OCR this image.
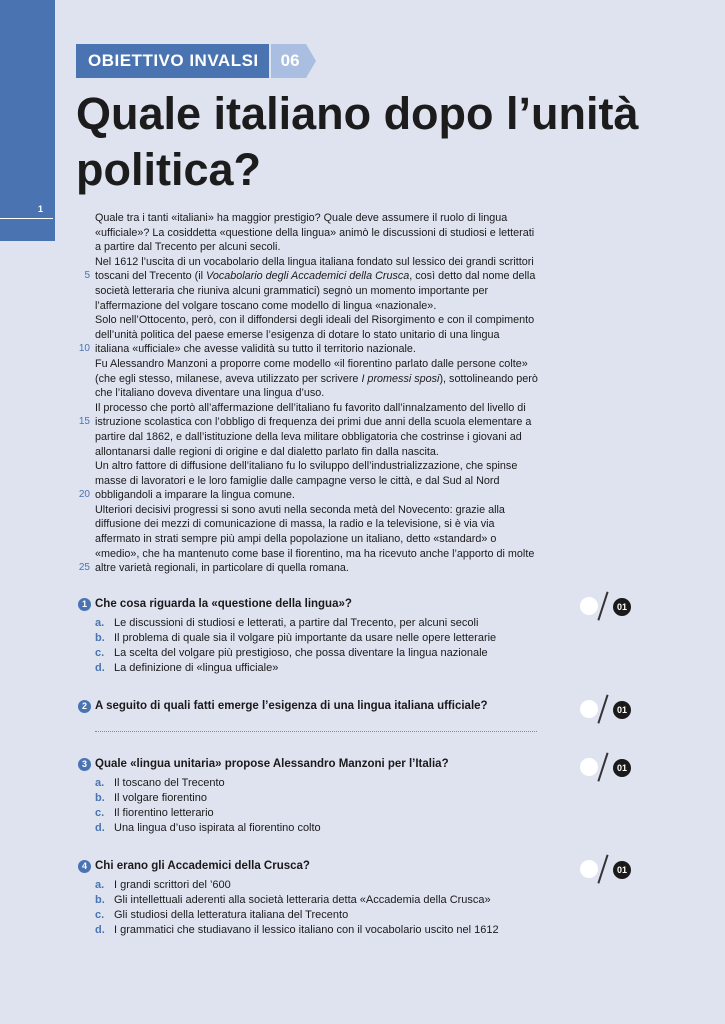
1
OBIETTIVO INVALSI	06
Quale italiano dopo l’unità politica?
Quale tra i tanti «italiani» ha maggior prestigio? Quale deve assumere il ruolo di lingua
«ufficiale»? La cosiddetta «questione della lingua» animò le discussioni di studiosi e letterati
a partire dal Trecento per alcuni secoli.
Nel 1612 l’uscita di un vocabolario della lingua italiana fondato sul lessico dei grandi scrittori
5 toscani del Trecento (il Vocabolario degli Accademici della Crusca, così detto dal nome della
società letteraria che riuniva alcuni grammatici) segnò un momento importante per
l’affermazione del volgare toscano come modello di lingua «nazionale».
Solo nell’Ottocento, però, con il diffondersi degli ideali del Risorgimento e con il compimento
dell’unità politica del paese emerse l’esigenza di dotare lo stato unitario di una lingua
10 italiana «ufficiale» che avesse validità su tutto il territorio nazionale.
Fu Alessandro Manzoni a proporre come modello «il fiorentino parlato dalle persone colte»
(che egli stesso, milanese, aveva utilizzato per scrivere I promessi sposi), sottolineando però
che l’italiano doveva diventare una lingua d’uso.
Il processo che portò all’affermazione dell’italiano fu favorito dall’innalzamento del livello di
15 istruzione scolastica con l’obbligo di frequenza dei primi due anni della scuola elementare a
partire dal 1862, e dall’istituzione della leva militare obbligatoria che costrinse i giovani ad
allontanarsi dalle regioni di origine e dal dialetto parlato fin dalla nascita.
Un altro fattore di diffusione dell’italiano fu lo sviluppo dell’industrializzazione, che spinse
masse di lavoratori e le loro famiglie dalle campagne verso le città, e dal Sud al Nord
20 obbligandoli a imparare la lingua comune.
Ulteriori decisivi progressi si sono avuti nella seconda metà del Novecento: grazie alla
diffusione dei mezzi di comunicazione di massa, la radio e la televisione, si è via via
affermato in strati sempre più ampi della popolazione un italiano, detto «standard» o
«medio», che ha mantenuto come base il fiorentino, ma ha ricevuto anche l’apporto di molte
25 altre varietà regionali, in particolare di quella romana.
1 Che cosa riguarda la «questione della lingua»?
a. Le discussioni di studiosi e letterati, a partire dal Trecento, per alcuni secoli
b. Il problema di quale sia il volgare più importante da usare nelle opere letterarie
c. La scelta del volgare più prestigioso, che possa diventare la lingua nazionale
d. La definizione di «lingua ufficiale»
01
2 A seguito di quali fatti emerge l’esigenza di una lingua italiana ufficiale?	01
3 Quale «lingua unitaria» propose Alessandro Manzoni per l’Italia?
a. Il toscano del Trecento
b. Il volgare fiorentino
c. Il fiorentino letterario
d. Una lingua d’uso ispirata al fiorentino colto
01
4 Chi erano gli Accademici della Crusca?
a. I grandi scrittori del ’600
b. Gli intellettuali aderenti alla società letteraria detta «Accademia della Crusca»
c. Gli studiosi della letteratura italiana del Trecento
d. I grammatici che studiavano il lessico italiano con il vocabolario uscito nel 1612
01
